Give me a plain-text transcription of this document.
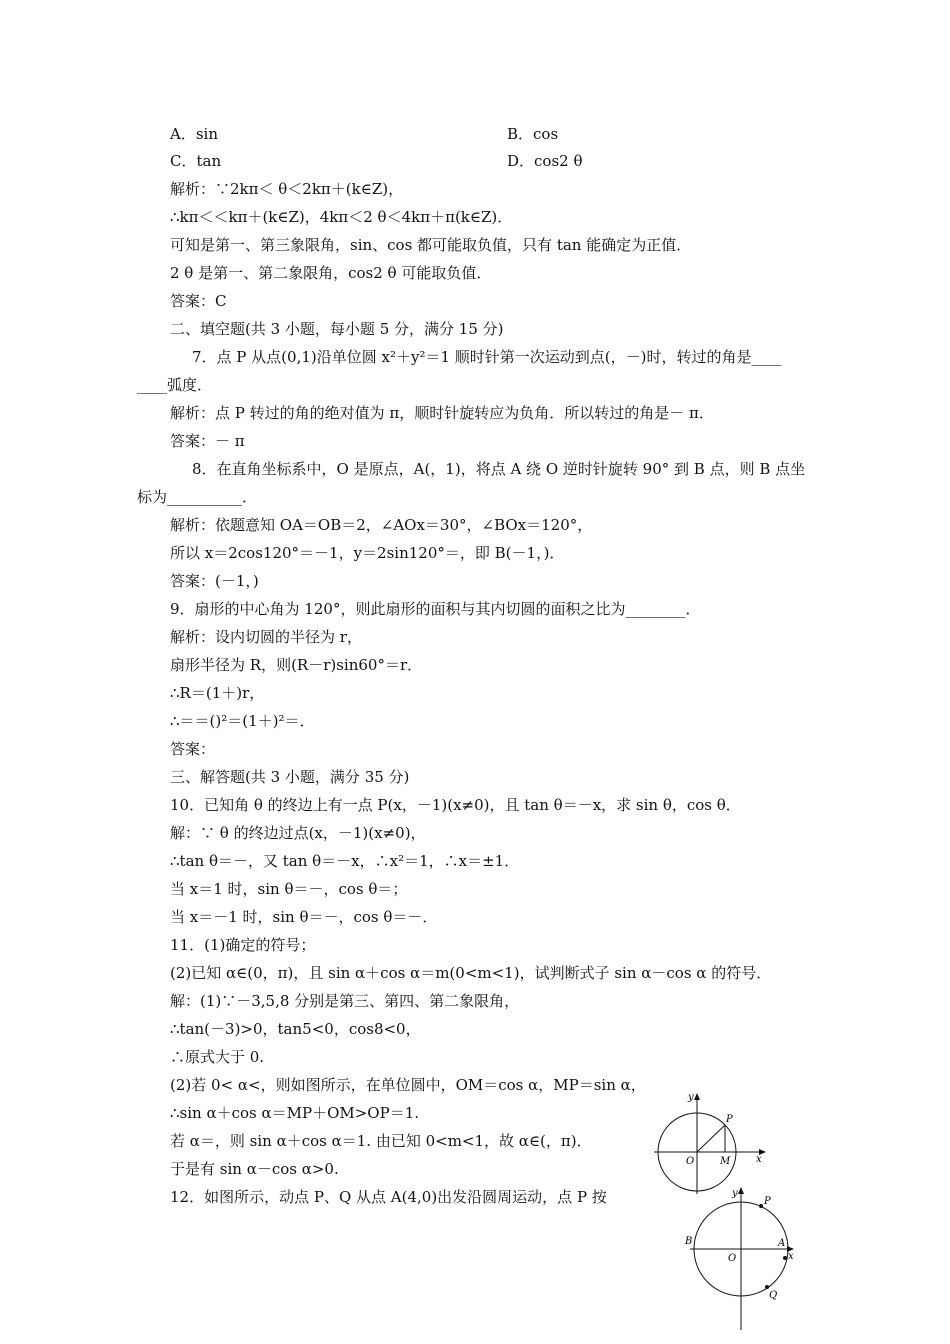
A．sin	B．cos
C．tan	D．cos2 θ
解析：∵2kπ＜ θ＜2kπ＋(k∈Z)，
∴kπ＜＜kπ＋(k∈Z)，4kπ＜2 θ＜4kπ＋π(k∈Z)．
可知是第一、第三象限角，sin、cos 都可能取负值，只有 tan 能确定为正值．
2 θ 是第一、第二象限角，cos2 θ 可能取负值．
答案：C
二、填空题(共 3 小题，每小题 5 分，满分 15 分)
7．点 P 从点(0,1)沿单位圆 x²＋y²＝1 顺时针第一次运动到点(，－)时，转过的角是____
____弧度．
解析：点 P 转过的角的绝对值为 π，顺时针旋转应为负角．所以转过的角是－ π．
答案：－ π
8．在直角坐标系中，O 是原点，A(，1)，将点 A 绕 O 逆时针旋转 90° 到 B 点，则 B 点坐
标为__________．
解析：依题意知 OA＝OB＝2，∠AOx＝30°，∠BOx＝120°，
所以 x＝2cos120°＝－1，y＝2sin120°＝，即 B(－1，)．
答案：(－1，)
9．扇形的中心角为 120°，则此扇形的面积与其内切圆的面积之比为________．
解析：设内切圆的半径为 r，
扇形半径为 R，则(R－r)sin60°＝r．
∴R＝(1＋)r，
∴＝＝()²＝(1＋)²＝．
答案：
三、解答题(共 3 小题，满分 35 分)
10．已知角 θ 的终边上有一点 P(x，－1)(x≠0)，且 tan θ＝－x，求 sin θ，cos θ．
解：∵ θ 的终边过点(x，－1)(x≠0)，
∴tan θ＝－，又 tan θ＝－x，∴x²＝1，∴x＝±1．
当 x＝1 时，sin θ＝－，cos θ＝；
当 x＝－1 时，sin θ＝－，cos θ＝－．
11．(1)确定的符号；
(2)已知 α∈(0，π)，且 sin α＋cos α＝m(0<m<1)，试判断式子 sin α－cos α 的符号．
解：(1)∵－3,5,8 分别是第三、第四、第二象限角，
∴tan(－3)>0，tan5<0，cos8<0，
∴原式大于 0.
(2)若 0< α<，则如图所示，在单位圆中，OM＝cos α，MP＝sin α，
∴sin α＋cos α＝MP＋OM>OP＝1.
若 α＝，则 sin α＋cos α＝1. 由已知 0<m<1，故 α∈(，π)．
于是有 sin α－cos α>0.
12．如图所示，动点 P、Q 从点 A(4,0)出发沿圆周运动，点 P 按
y
P
O	M	x
y
P
B
O
A
x
Q
